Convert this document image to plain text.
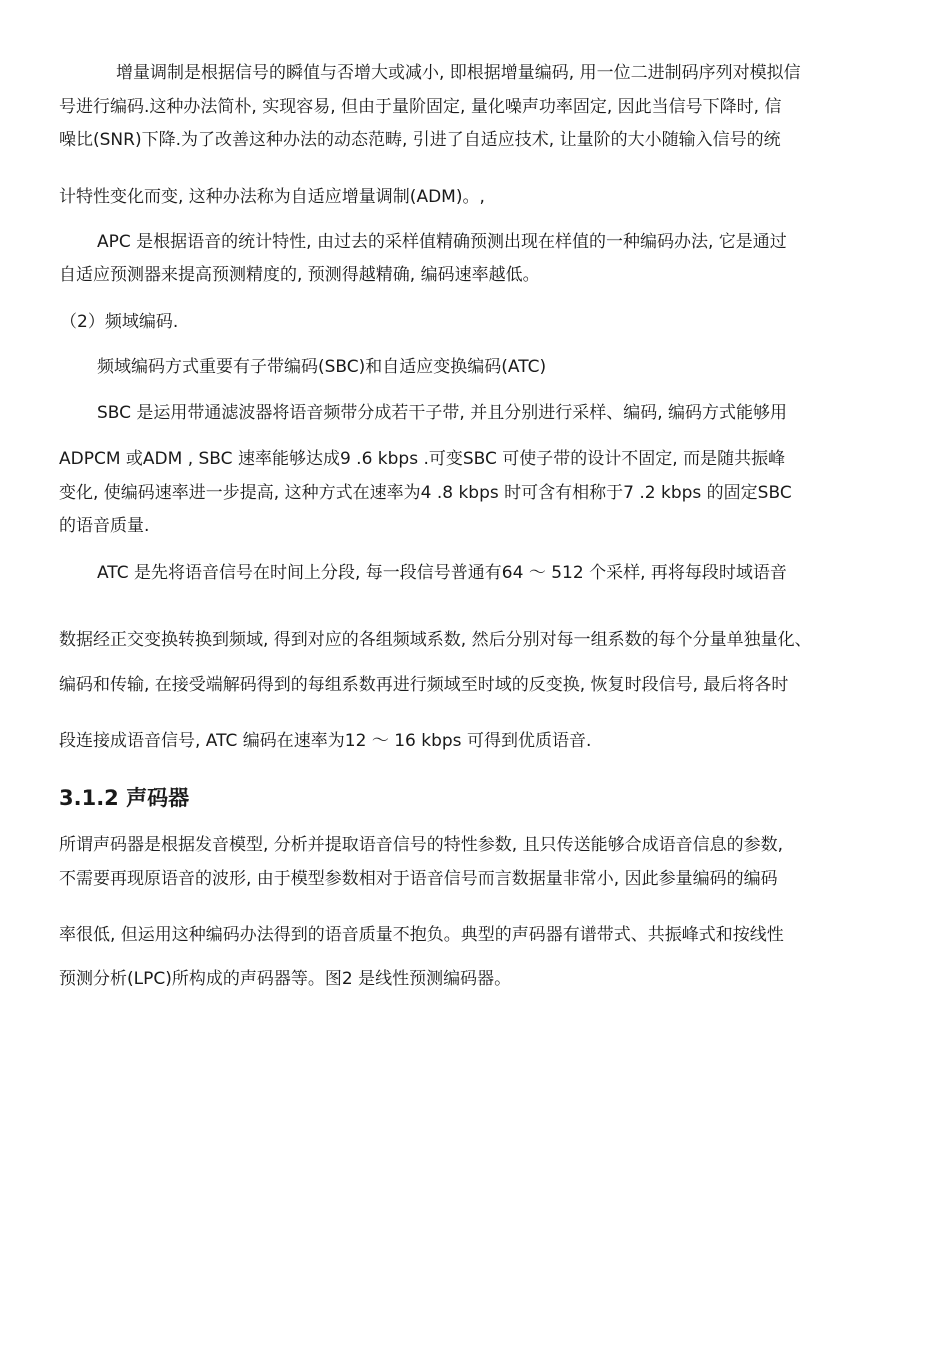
增量调制是根据信号的瞬值与否增大或减小, 即根据增量编码, 用一位二进制码序列对模拟信
号进行编码.这种办法简朴, 实现容易, 但由于量阶固定, 量化噪声功率固定, 因此当信号下降时, 信
噪比(SNR)下降.为了改善这种办法的动态范畴, 引进了自适应技术, 让量阶的大小随输入信号的统
计特性变化而变, 这种办法称为自适应增量调制(ADM)。,
APC 是根据语音的统计特性, 由过去的采样值精确预测出现在样值的一种编码办法, 它是通过
自适应预测器来提高预测精度的, 预测得越精确, 编码速率越低。
（2）频域编码.
频域编码方式重要有子带编码(SBC)和自适应变换编码(ATC)
SBC 是运用带通滤波器将语音频带分成若干子带, 并且分别进行采样、编码, 编码方式能够用
ADPCM 或ADM , SBC 速率能够达成9 .6 kbps .可变SBC 可使子带的设计不固定, 而是随共振峰
变化, 使编码速率进一步提高, 这种方式在速率为4 .8 kbps 时可含有相称于7 .2 kbps 的固定SBC
的语音质量.
ATC 是先将语音信号在时间上分段, 每一段信号普通有64 ～ 512 个采样, 再将每段时域语音
数据经正交变换转换到频域, 得到对应的各组频域系数, 然后分别对每一组系数的每个分量单独量化、
编码和传输, 在接受端解码得到的每组系数再进行频域至时域的反变换, 恢复时段信号, 最后将各时
段连接成语音信号, ATC 编码在速率为12 ～ 16 kbps 可得到优质语音.
3.1.2 声码器
所谓声码器是根据发音模型, 分析并提取语音信号的特性参数, 且只传送能够合成语音信息的参数,
不需要再现原语音的波形, 由于模型参数相对于语音信号而言数据量非常小, 因此参量编码的编码
率很低, 但运用这种编码办法得到的语音质量不抱负。典型的声码器有谱带式、共振峰式和按线性
预测分析(LPC)所构成的声码器等。图2 是线性预测编码器。
